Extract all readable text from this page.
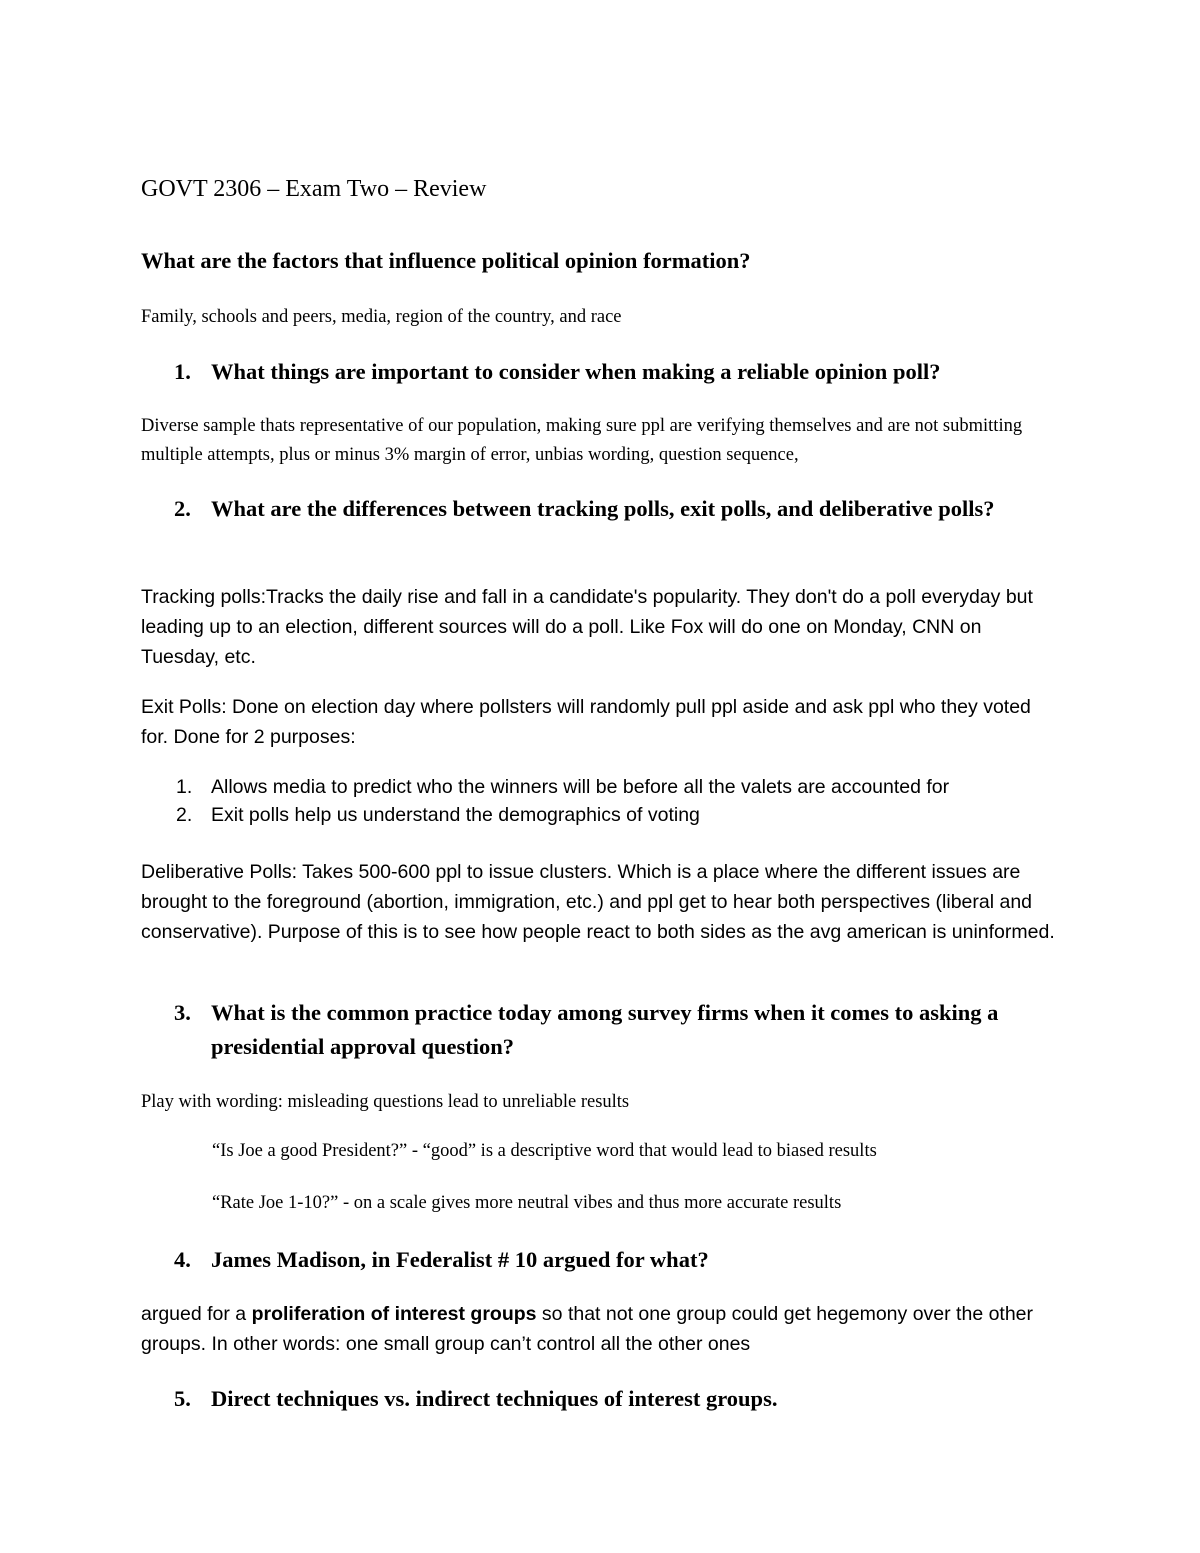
GOVT 2306 – Exam Two – Review
What are the factors that influence political opinion formation?

Family, schools and peers, media, region of the country, and race

1. What things are important to consider when making a reliable opinion poll?

Diverse sample thats representative of our population, making sure ppl are verifying themselves and are not submitting multiple attempts, plus or minus 3% margin of error, unbias wording, question sequence,

2. What are the differences between tracking polls, exit polls, and deliberative polls?

Tracking polls:Tracks the daily rise and fall in a candidate's popularity. They don't do a poll everyday but leading up to an election, different sources will do a poll. Like Fox will do one on Monday, CNN on Tuesday, etc.

Exit Polls: Done on election day where pollsters will randomly pull ppl aside and ask ppl who they voted for. Done for 2 purposes:

1. Allows media to predict who the winners will be before all the valets are accounted for
2. Exit polls help us understand the demographics of voting

Deliberative Polls: Takes 500-600 ppl to issue clusters. Which is a place where the different issues are brought to the foreground (abortion, immigration, etc.) and ppl get to hear both perspectives (liberal and conservative). Purpose of this is to see how people react to both sides as the avg american is uninformed.

3. What is the common practice today among survey firms when it comes to asking a presidential approval question?

Play with wording: misleading questions lead to unreliable results

“Is Joe a good President?” - “good” is a descriptive word that would lead to biased results
“Rate Joe 1-10?” - on a scale gives more neutral vibes and thus more accurate results
4. James Madison, in Federalist # 10 argued for what?

argued for a proliferation of interest groups so that not one group could get hegemony over the other groups. In other words: one small group can’t control all the other ones

5. Direct techniques vs. indirect techniques of interest groups.
